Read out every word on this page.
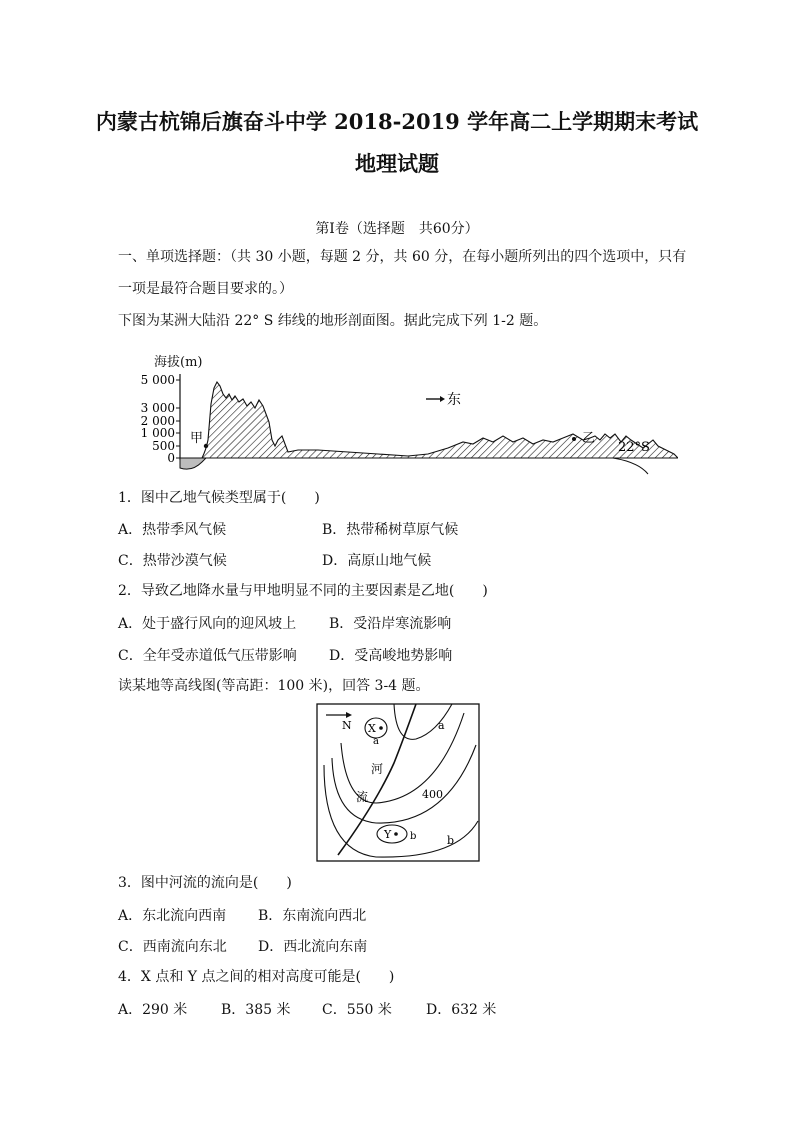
内蒙古杭锦后旗奋斗中学 2018-2019 学年高二上学期期末考试
地理试题
第Ⅰ卷（选择题　共60分）
一、单项选择题：（共 30 小题，每题 2 分，共 60 分，在每小题所列出的四个选项中，只有
一项是最符合题目要求的。）
下图为某洲大陆沿 22° S 纬线的地形剖面图。据此完成下列 1-2 题。
海拔(m)
5 000
3 000
2 000
1 000
500
0
甲	乙
22°S
东
1．图中乙地气候类型属于(　　)
A．热带季风气候	B．热带稀树草原气候
C．热带沙漠气候	D．高原山地气候
2．导致乙地降水量与甲地明显不同的主要因素是乙地(　　)
A．处于盛行风向的迎风坡上 B．受沿岸寒流影响
C．全年受赤道低气压带影响 D．受高峻地势影响
读某地等高线图(等高距：100 米)，回答 3-4 题。
N X
a
a
Y b	b
河
流	400
3．图中河流的流向是(　　)
A．东北流向西南 B．东南流向西北
C．西南流向东北 D．西北流向东南
4．X 点和 Y 点之间的相对高度可能是(　　)
A．290 米 B．385 米 C．550 米 D．632 米
